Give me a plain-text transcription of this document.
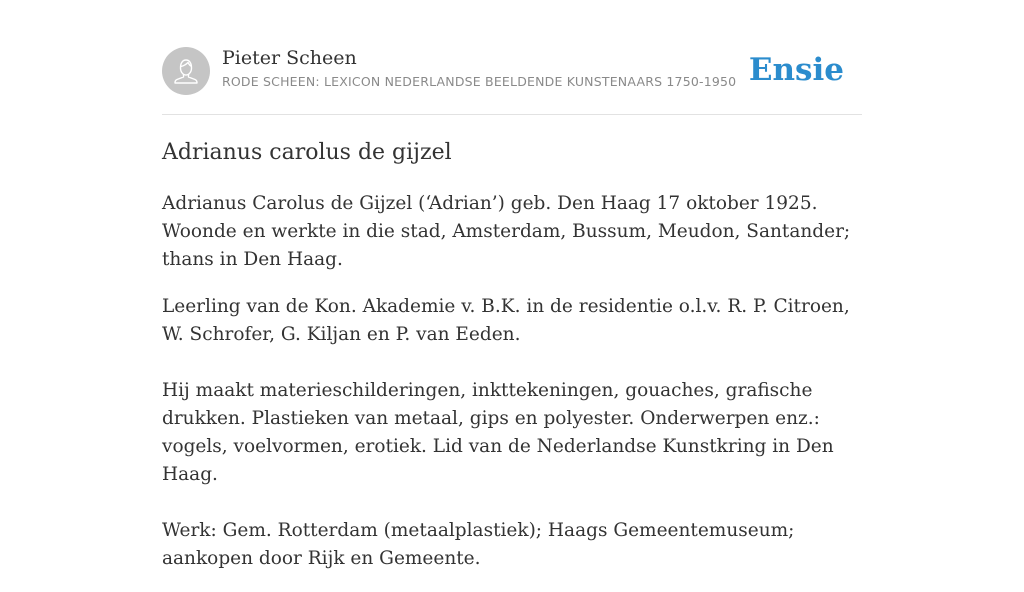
Pieter Scheen
RODE SCHEEN: LEXICON NEDERLANDSE BEELDENDE KUNSTENAARS 1750-1950 Ensie
Adrianus carolus de gijzel

Adrianus Carolus de Gijzel (‘Adrian’) geb. Den Haag 17 oktober 1925. Woonde en werkte in die stad, Amsterdam, Bussum, Meudon, Santander; thans in Den Haag.

Leerling van de Kon. Akademie v. B.K. in de residentie o.l.v. R. P. Citroen, W. Schrofer, G. Kiljan en P. van Eeden.

Hij maakt materieschilderingen, inkttekeningen, gouaches, grafische drukken. Plastieken van metaal, gips en polyester. Onderwerpen enz.: vogels, voelvormen, erotiek. Lid van de Nederlandse Kunstkring in Den Haag.

Werk: Gem. Rotterdam (metaalplastiek); Haags Gemeentemuseum; aankopen door Rijk en Gemeente.
